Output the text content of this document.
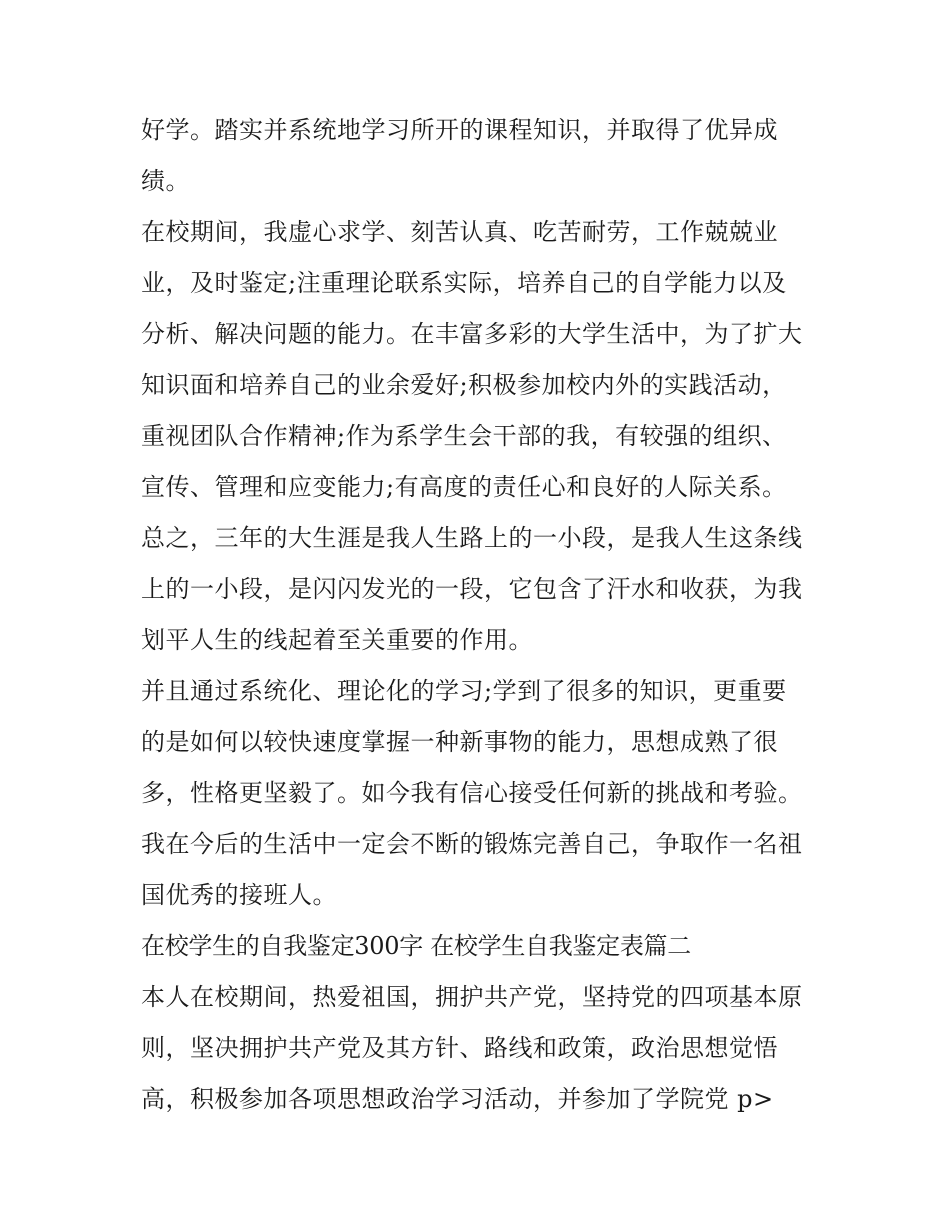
好学。踏实并系统地学习所开的课程知识，并取得了优异成
绩。
在校期间，我虚心求学、刻苦认真、吃苦耐劳，工作兢兢业
业，及时鉴定;注重理论联系实际，培养自己的自学能力以及
分析、解决问题的能力。在丰富多彩的大学生活中，为了扩大
知识面和培养自己的业余爱好;积极参加校内外的实践活动，
重视团队合作精神;作为系学生会干部的我，有较强的组织、
宣传、管理和应变能力;有高度的责任心和良好的人际关系。
总之，三年的大生涯是我人生路上的一小段，是我人生这条线
上的一小段，是闪闪发光的一段，它包含了汗水和收获，为我
划平人生的线起着至关重要的作用。
并且通过系统化、理论化的学习;学到了很多的知识，更重要
的是如何以较快速度掌握一种新事物的能力，思想成熟了很
多，性格更坚毅了。如今我有信心接受任何新的挑战和考验。
我在今后的生活中一定会不断的锻炼完善自己，争取作一名祖
国优秀的接班人。
在校学生的自我鉴定300字 在校学生自我鉴定表篇二
本人在校期间，热爱祖国，拥护共产党，坚持党的四项基本原
则，坚决拥护共产党及其方针、路线和政策，政治思想觉悟
高，积极参加各项思想政治学习活动，并参加了学院党 p>
